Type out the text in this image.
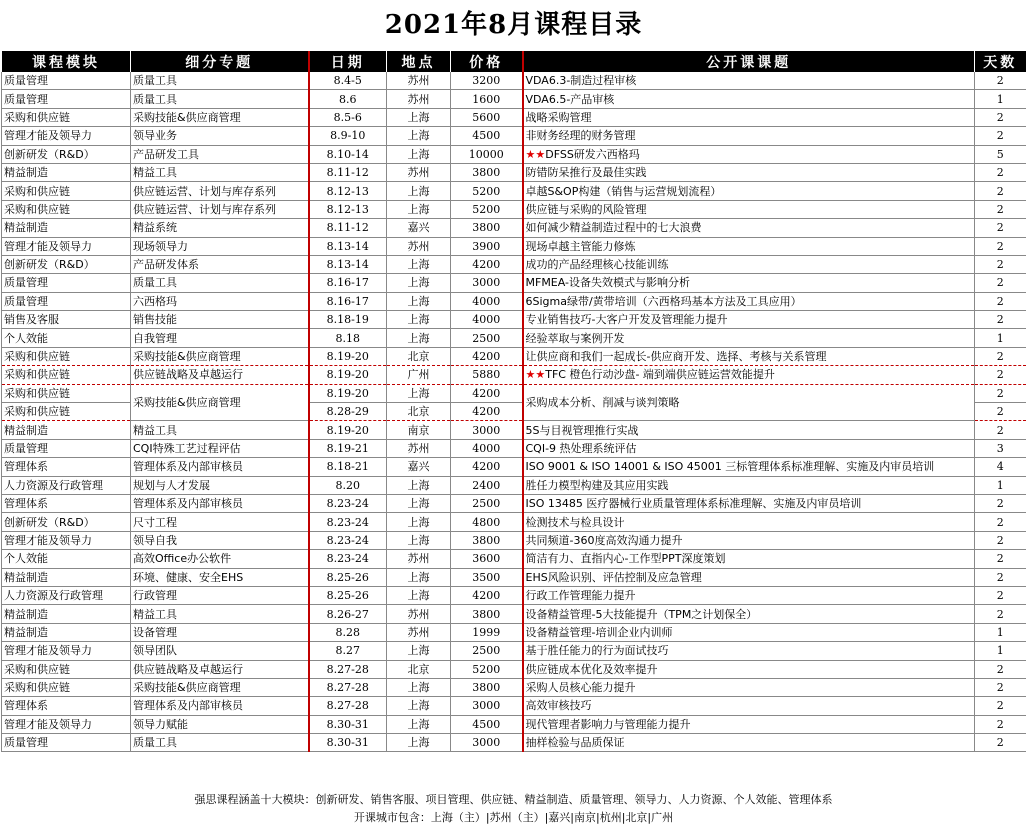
2021年8月课程目录
课程模块	细分专题	日期	地点	价格	公开课课题	天数
质量管理	质量工具	8.4-5	苏州	3200	VDA6.3-制造过程审核	2
质量管理	质量工具	8.6	苏州	1600	VDA6.5-产品审核	1
采购和供应链	采购技能&供应商管理	8.5-6	上海	5600	战略采购管理	2
管理才能及领导力	领导业务	8.9-10	上海	4500	非财务经理的财务管理	2
创新研发（R&D）	产品研发工具	8.10-14	上海	10000	★★DFSS研发六西格玛	5
精益制造	精益工具	8.11-12	苏州	3800	防错防呆推行及最佳实践	2
采购和供应链	供应链运营、计划与库存系列	8.12-13	上海	5200	卓越S&OP构建（销售与运营规划流程）	2
采购和供应链	供应链运营、计划与库存系列	8.12-13	上海	5200	供应链与采购的风险管理	2
精益制造	精益系统	8.11-12	嘉兴	3800	如何减少精益制造过程中的七大浪费	2
管理才能及领导力	现场领导力	8.13-14	苏州	3900	现场卓越主管能力修炼	2
创新研发（R&D）	产品研发体系	8.13-14	上海	4200	成功的产品经理核心技能训练	2
质量管理	质量工具	8.16-17	上海	3000	MFMEA-设备失效模式与影响分析	2
质量管理	六西格玛	8.16-17	上海	4000	6Sigma绿带/黄带培训（六西格玛基本方法及工具应用）	2
销售及客服	销售技能	8.18-19	上海	4000	专业销售技巧-大客户开发及管理能力提升	2
个人效能	自我管理	8.18	上海	2500	经验萃取与案例开发	1
采购和供应链	采购技能&供应商管理	8.19-20	北京	4200	让供应商和我们一起成长-供应商开发、选择、考核与关系管理	2
采购和供应链	供应链战略及卓越运行	8.19-20	广州	5880	★★TFC 橙色行动沙盘- 端到端供应链运营效能提升	2
采购和供应链	采购技能&供应商管理	8.19-20	上海	4200	采购成本分析、削减与谈判策略	2
采购和供应链		8.28-29	北京	4200		2
精益制造	精益工具	8.19-20	南京	3000	5S与目视管理推行实战	2
质量管理	CQI特殊工艺过程评估	8.19-21	苏州	4000	CQI-9 热处理系统评估	3
管理体系	管理体系及内部审核员	8.18-21	嘉兴	4200	ISO 9001 & ISO 14001 & ISO 45001 三标管理体系标准理解、实施及内审员培训	4
人力资源及行政管理	规划与人才发展	8.20	上海	2400	胜任力模型构建及其应用实践	1
管理体系	管理体系及内部审核员	8.23-24	上海	2500	ISO 13485 医疗器械行业质量管理体系标准理解、实施及内审员培训	2
创新研发（R&D）	尺寸工程	8.23-24	上海	4800	检测技术与检具设计	2
管理才能及领导力	领导自我	8.23-24	上海	3800	共同频道-360度高效沟通力提升	2
个人效能	高效Office办公软件	8.23-24	苏州	3600	简洁有力、直指内心-工作型PPT深度策划	2
精益制造	环境、健康、安全EHS	8.25-26	上海	3500	EHS风险识别、评估控制及应急管理	2
人力资源及行政管理	行政管理	8.25-26	上海	4200	行政工作管理能力提升	2
精益制造	精益工具	8.26-27	苏州	3800	设备精益管理-5大技能提升（TPM之计划保全）	2
精益制造	设备管理	8.28	苏州	1999	设备精益管理-培训企业内训师	1
管理才能及领导力	领导团队	8.27	上海	2500	基于胜任能力的行为面试技巧	1
采购和供应链	供应链战略及卓越运行	8.27-28	北京	5200	供应链成本优化及效率提升	2
采购和供应链	采购技能&供应商管理	8.27-28	上海	3800	采购人员核心能力提升	2
管理体系	管理体系及内部审核员	8.27-28	上海	3000	高效审核技巧	2
管理才能及领导力	领导力赋能	8.30-31	上海	4500	现代管理者影响力与管理能力提升	2
质量管理	质量工具	8.30-31	上海	3000	抽样检验与品质保证	2
强思课程涵盖十大模块：创新研发、销售客服、项目管理、供应链、精益制造、质量管理、领导力、人力资源、个人效能、管理体系
开课城市包含：上海（主）|苏州（主）|嘉兴|南京|杭州|北京|广州
